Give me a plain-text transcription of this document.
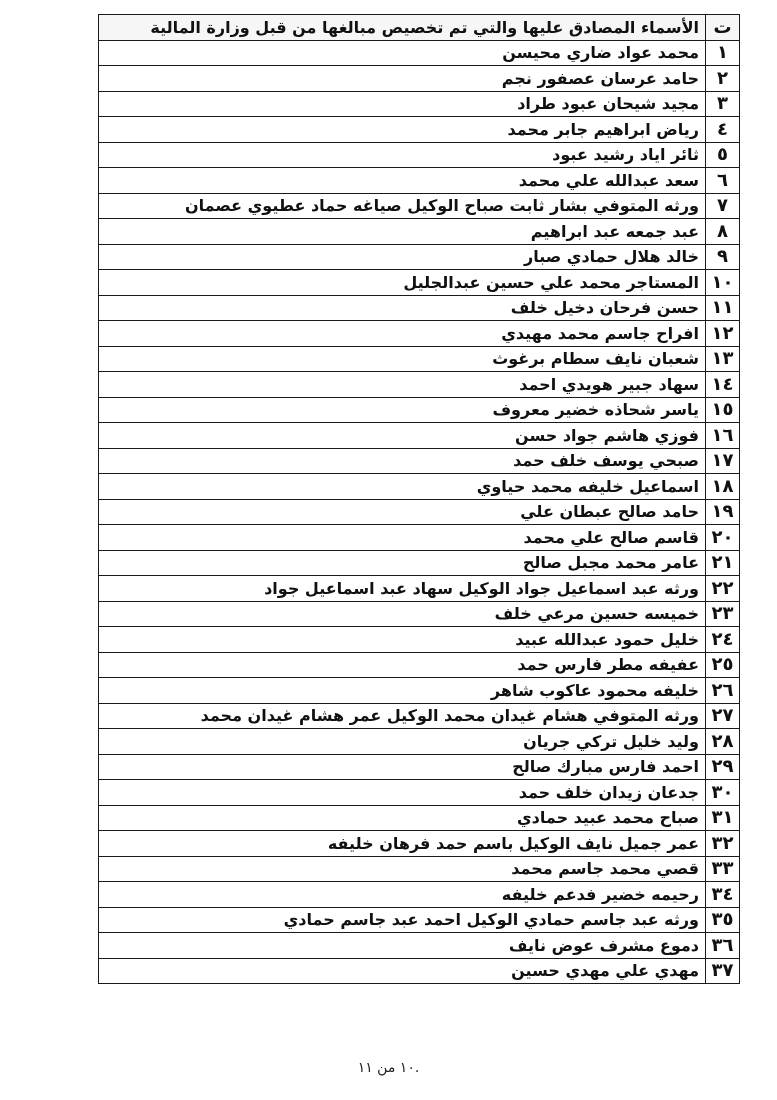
ت	الأسماء المصادق عليها والتي تم تخصيص مبالغها من قبل وزارة المالية
١	محمد عواد ضاري محيسن
٢	حامد عرسان عصفور نجم
٣	مجيد شيحان عبود طراد
٤	رياض ابراهيم جابر محمد
٥	ثائر اياد رشيد عبود
٦	سعد عبدالله علي محمد
٧	ورثه المتوفي بشار ثابت صباح الوكيل صياغه حماد عطيوي عصمان
٨	عبد جمعه عبد ابراهيم
٩	خالد هلال حمادي صبار
١٠	المستاجر محمد علي حسين عبدالجليل
١١	حسن فرحان دخيل خلف
١٢	افراح جاسم محمد مهيدي
١٣	شعبان نايف سطام برغوث
١٤	سهاد جبير هويدي احمد
١٥	ياسر شحاذه خضير معروف
١٦	فوزي هاشم جواد حسن
١٧	صبحي يوسف خلف حمد
١٨	اسماعيل خليفه محمد حياوي
١٩	حامد صالح عبطان علي
٢٠	قاسم صالح علي محمد
٢١	عامر محمد مجبل صالح
٢٢	ورثه عبد اسماعيل جواد الوكيل سهاد عبد اسماعيل جواد
٢٣	خميسه حسين مرعي خلف
٢٤	خليل حمود عبدالله عبيد
٢٥	عفيفه مطر فارس حمد
٢٦	خليفه محمود عاكوب شاهر
٢٧	ورثه المتوفي هشام غيدان محمد الوكيل عمر هشام غيدان محمد
٢٨	وليد خليل تركي جريان
٢٩	احمد فارس مبارك صالح
٣٠	جدعان زيدان خلف حمد
٣١	صباح محمد عبيد حمادي
٣٢	عمر جميل نايف الوكيل باسم حمد فرهان خليفه
٣٣	قصي محمد جاسم محمد
٣٤	رحيمه خضير فدعم خليفه
٣٥	ورثه عبد جاسم حمادي الوكيل احمد عبد جاسم حمادي
٣٦	دموع مشرف عوض نايف
٣٧	مهدي علي مهدي حسين
.١٠ من ١١
